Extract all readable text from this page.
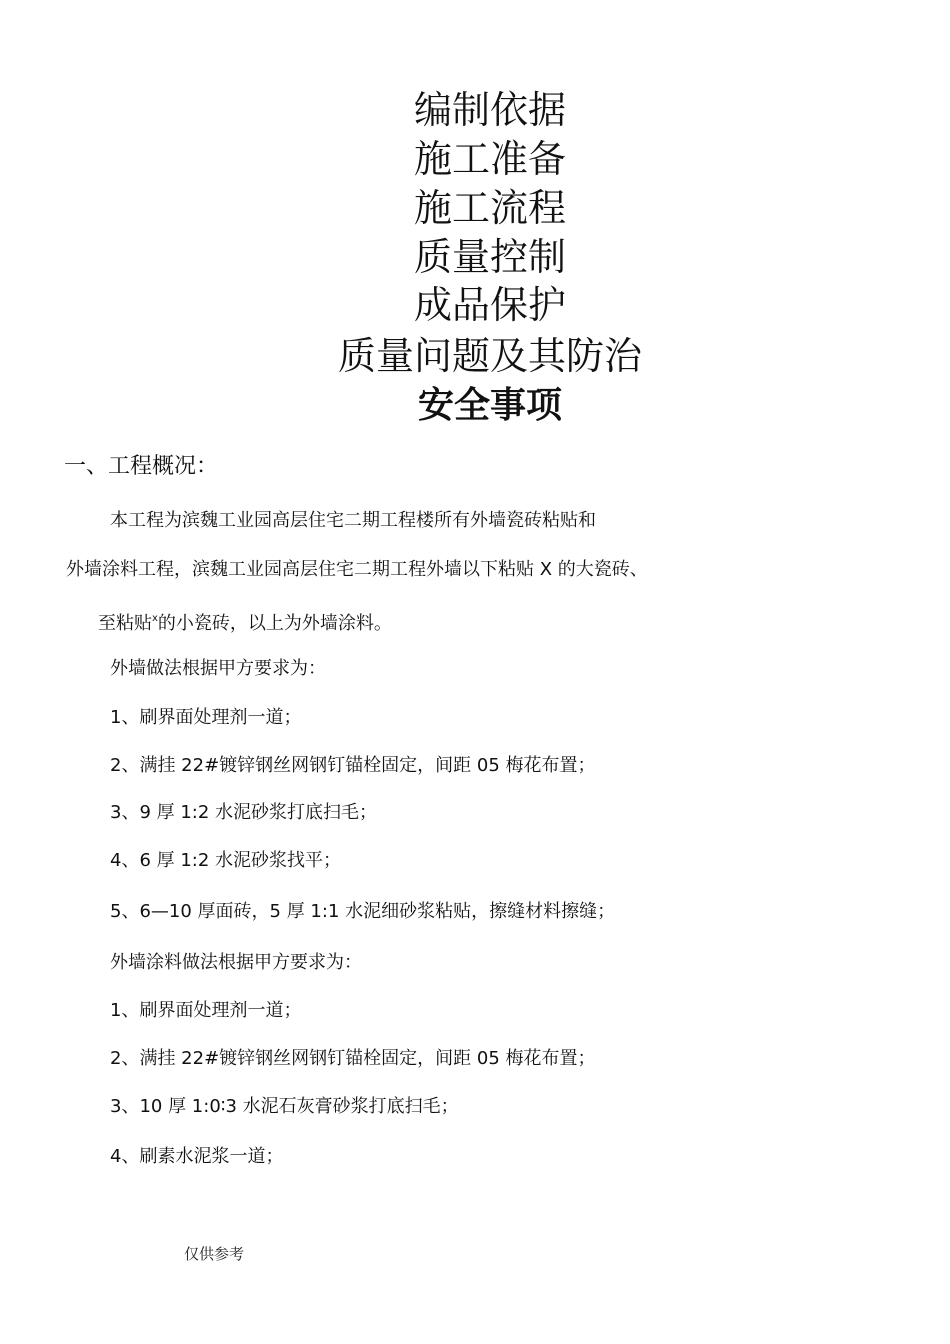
编制依据
施工准备
施工流程
质量控制
成品保护
质量问题及其防治
安全事项
一、工程概况：
本工程为滨魏工业园高层住宅二期工程楼所有外墙瓷砖粘贴和
外墙涂料工程，滨魏工业园高层住宅二期工程外墙以下粘贴 X 的大瓷砖、
至粘贴$^x$的小瓷砖，以上为外墙涂料。
外墙做法根据甲方要求为：
1、刷界面处理剂一道；
2、满挂 22#镀锌钢丝网钢钉锚栓固定，间距 05 梅花布置；
3、9 厚 1:2 水泥砂浆打底扫毛；
4、6 厚 1:2 水泥砂浆找平；
5、6—10 厚面砖，5 厚 1:1 水泥细砂浆粘贴，擦缝材料擦缝；
外墙涂料做法根据甲方要求为：
1、刷界面处理剂一道；
2、满挂 22#镀锌钢丝网钢钉锚栓固定，间距 05 梅花布置；
3、10 厚 1:0∶3 水泥石灰膏砂浆打底扫毛；
4、刷素水泥浆一道；
仅供参考
